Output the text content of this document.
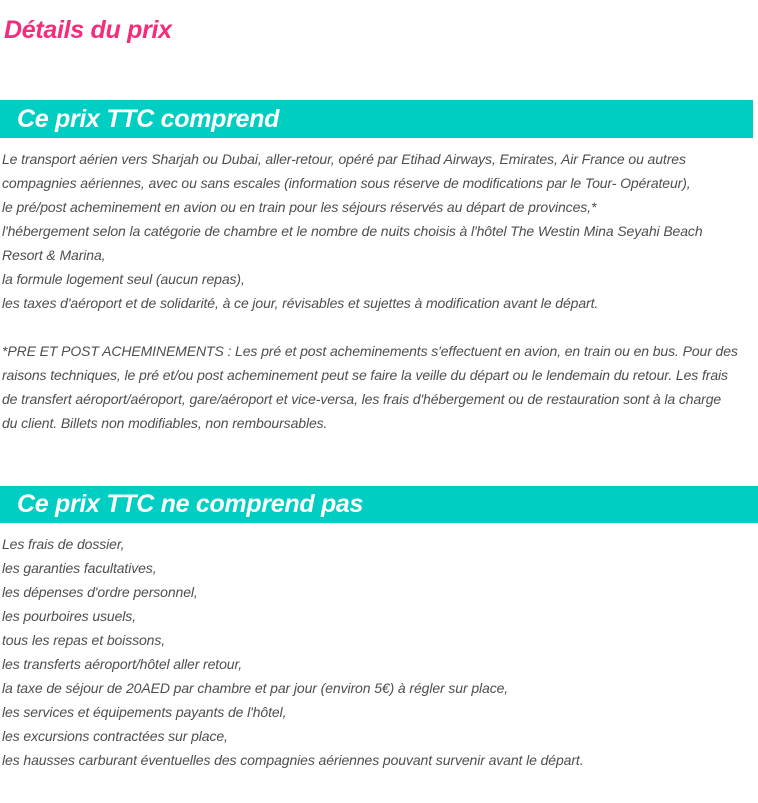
Détails du prix
Ce prix TTC comprend
Le transport aérien vers Sharjah ou Dubai, aller-retour, opéré par Etihad Airways, Emirates, Air France ou autres
compagnies aériennes, avec ou sans escales (information sous réserve de modifications par le Tour- Opérateur),
le pré/post acheminement en avion ou en train pour les séjours réservés au départ de provinces,*
l'hébergement selon la catégorie de chambre et le nombre de nuits choisis à l'hôtel The Westin Mina Seyahi Beach
Resort & Marina,
la formule logement seul (aucun repas),
les taxes d'aéroport et de solidarité, à ce jour, révisables et sujettes à modification avant le départ.
*PRE ET POST ACHEMINEMENTS : Les pré et post acheminements s'effectuent en avion, en train ou en bus. Pour des
raisons techniques, le pré et/ou post acheminement peut se faire la veille du départ ou le lendemain du retour. Les frais
de transfert aéroport/aéroport, gare/aéroport et vice-versa, les frais d'hébergement ou de restauration sont à la charge
du client. Billets non modifiables, non remboursables.
Ce prix TTC ne comprend pas
Les frais de dossier,
les garanties facultatives,
les dépenses d'ordre personnel,
les pourboires usuels,
tous les repas et boissons,
les transferts aéroport/hôtel aller retour,
la taxe de séjour de 20AED par chambre et par jour (environ 5€) à régler sur place,
les services et équipements payants de l'hôtel,
les excursions contractées sur place,
les hausses carburant éventuelles des compagnies aériennes pouvant survenir avant le départ.
